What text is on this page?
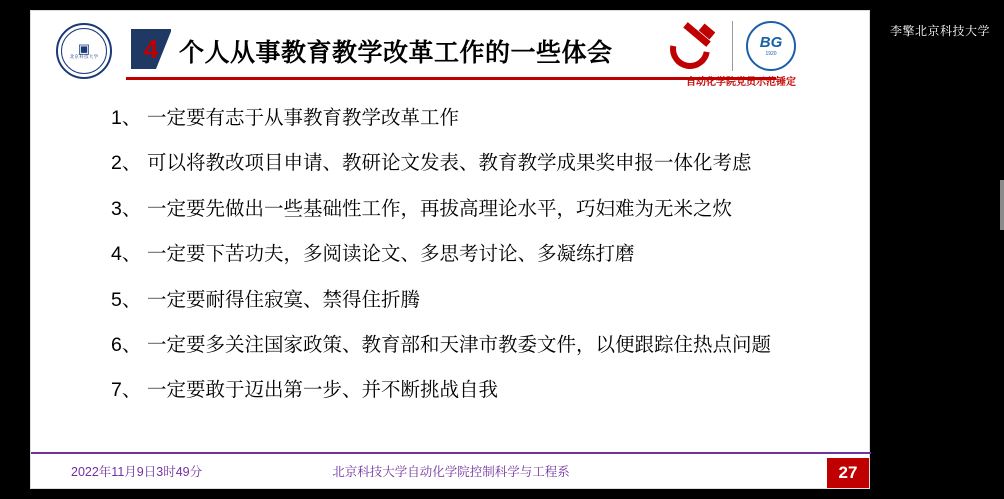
李擎北京科技大学
▣
北京科技大学	4 个人从事教育教学改革工作的一些体会	BG
1920
自动化学院党员示范锤定
1、 一定要有志于从事教育教学改革工作
2、 可以将教改项目申请、教研论文发表、教育教学成果奖申报一体化考虑
3、 一定要先做出一些基础性工作，再拔高理论水平，巧妇难为无米之炊
4、 一定要下苦功夫，多阅读论文、多思考讨论、多凝练打磨
5、 一定要耐得住寂寞、禁得住折腾
6、 一定要多关注国家政策、教育部和天津市教委文件，以便跟踪住热点问题
7、 一定要敢于迈出第一步、并不断挑战自我
2022年11月9日3时49分	北京科技大学自动化学院控制科学与工程系	27
